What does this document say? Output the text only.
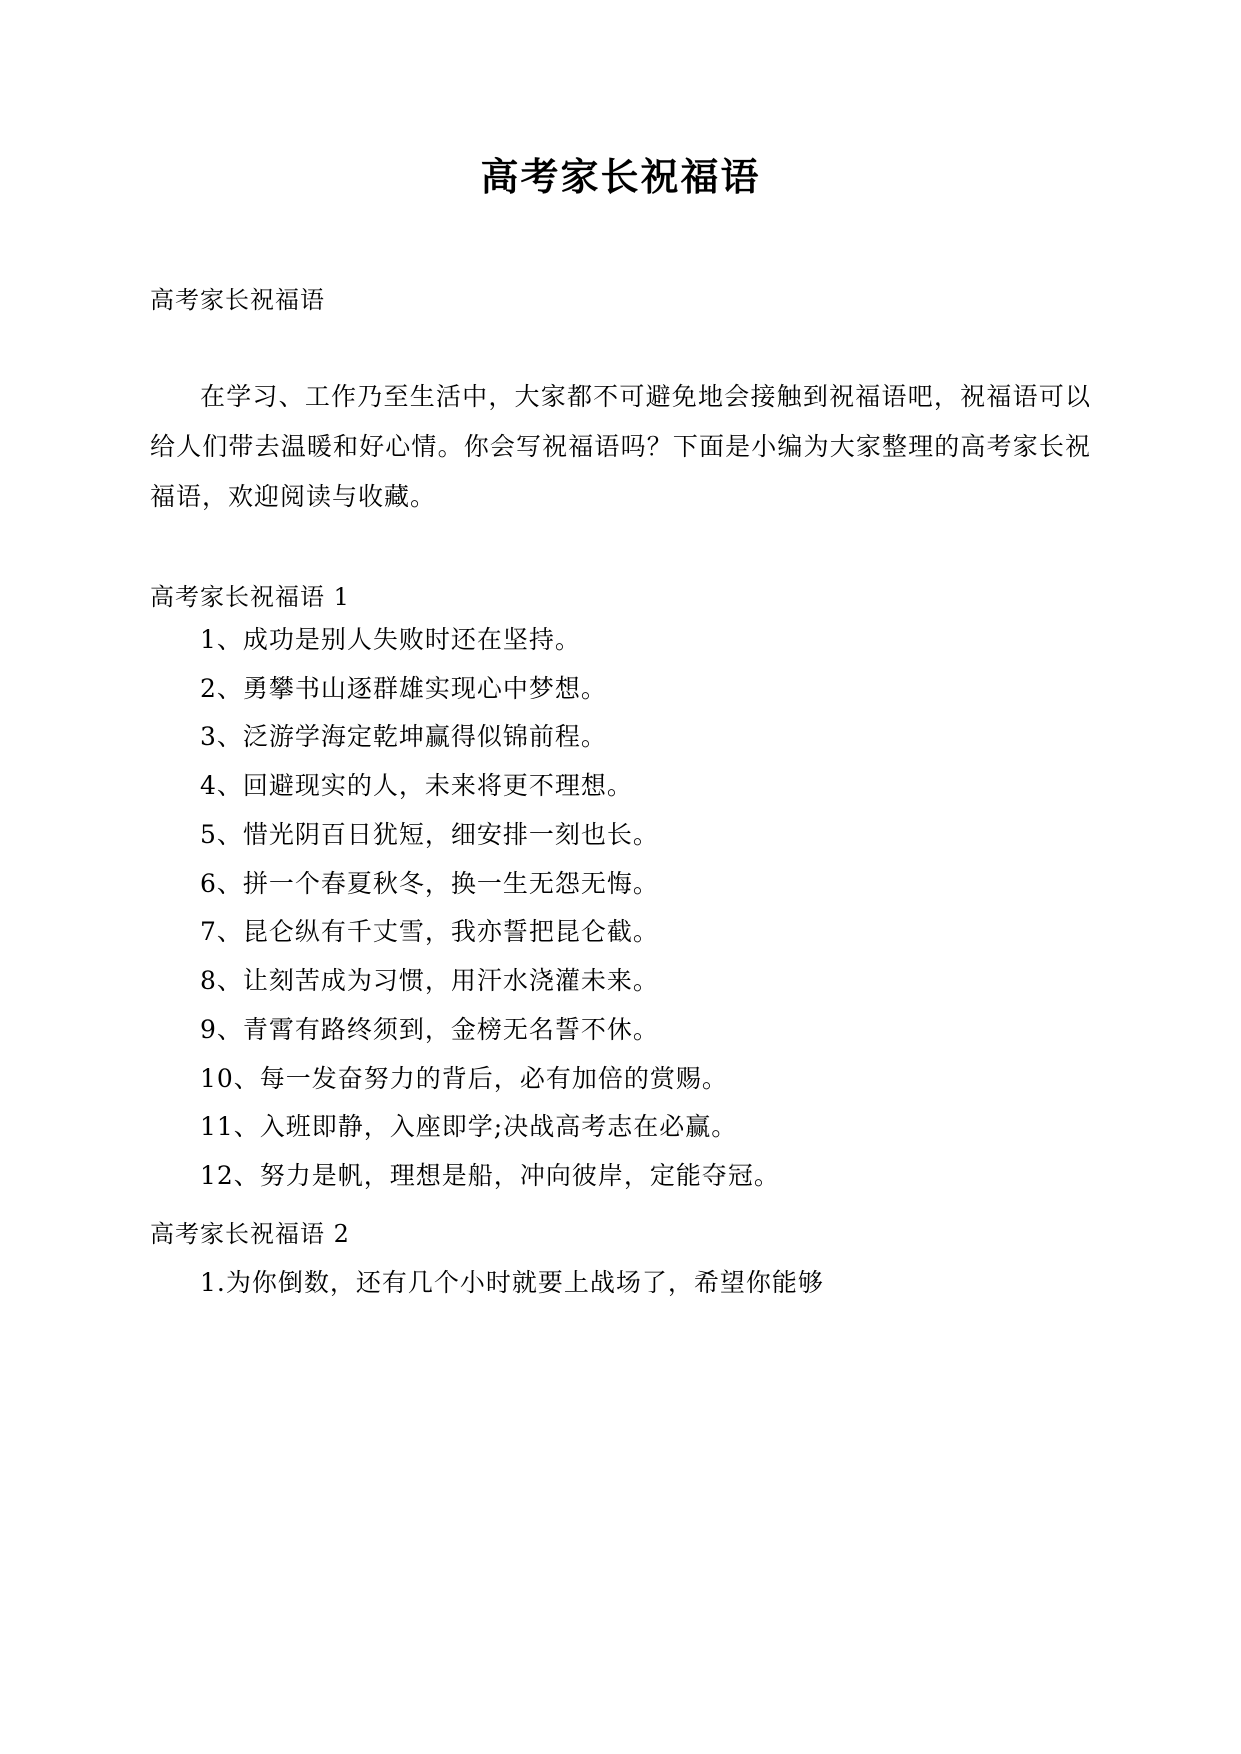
高考家长祝福语

高考家长祝福语

在学习、工作乃至生活中，大家都不可避免地会接触到祝福语吧，祝福语可以给人们带去温暖和好心情。你会写祝福语吗？下面是小编为大家整理的高考家长祝福语，欢迎阅读与收藏。

高考家长祝福语 1

1、成功是别人失败时还在坚持。
2、勇攀书山逐群雄实现心中梦想。
3、泛游学海定乾坤赢得似锦前程。
4、回避现实的人，未来将更不理想。
5、惜光阴百日犹短，细安排一刻也长。
6、拼一个春夏秋冬，换一生无怨无悔。
7、昆仑纵有千丈雪，我亦誓把昆仑截。
8、让刻苦成为习惯，用汗水浇灌未来。
9、青霄有路终须到，金榜无名誓不休。
10、每一发奋努力的背后，必有加倍的赏赐。
11、入班即静，入座即学;决战高考志在必赢。
12、努力是帆，理想是船，冲向彼岸，定能夺冠。

高考家长祝福语 2

1.为你倒数，还有几个小时就要上战场了，希望你能够
